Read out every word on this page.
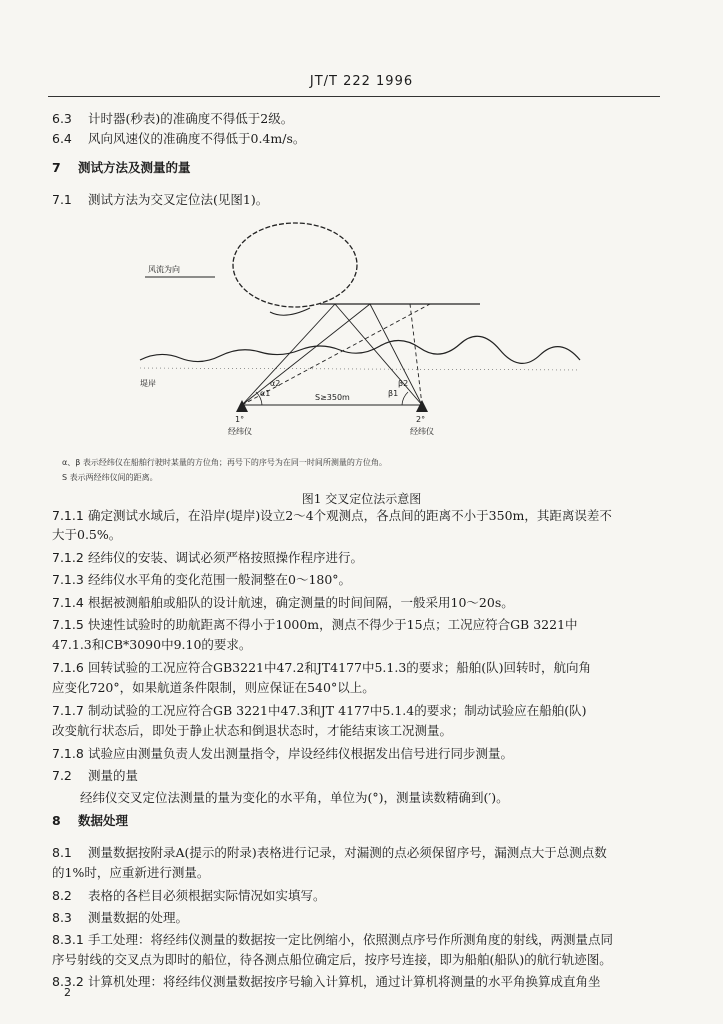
JT/T 222 1996
6.3 计时器(秒表)的准确度不得低于2级。
6.4 风向风速仪的准确度不得低于0.4m/s。
7 测试方法及测量的量
7.1 测试方法为交叉定位法(见图1)。
风流为向
堤岸
S≥350m
α1
α2
β1
β2
1°	2°
经纬仪	经纬仪
α、β 表示经纬仪在船舶行驶时某量的方位角；再号下的序号为在同一时间所测量的方位角。
S 表示两经纬仪间的距离。
图1 交叉定位法示意图
7.1.1 确定测试水域后，在沿岸(堤岸)设立2～4个观测点，各点间的距离不小于350m，其距离误差不
大于0.5%。
7.1.2 经纬仪的安装、调试必须严格按照操作程序进行。
7.1.3 经纬仪水平角的变化范围一般洞整在0～180°。
7.1.4 根据被测船舶或船队的设计航速，确定测量的时间间隔，一般采用10～20s。
7.1.5 快速性试验时的助航距离不得小于1000m，测点不得少于15点；工况应符合GB 3221中
47.1.3和CB*3090中9.10的要求。
7.1.6 回转试验的工况应符合GB3221中47.2和JT4177中5.1.3的要求；船舶(队)回转时，航向角
应变化720°，如果航道条件限制，则应保证在540°以上。
7.1.7 制动试验的工况应符合GB 3221中47.3和JT 4177中5.1.4的要求；制动试验应在船舶(队)
改变航行状态后，即处于静止状态和倒退状态时，才能结束该工况测量。
7.1.8 试验应由测量负责人发出测量指令，岸设经纬仪根据发出信号进行同步测量。
7.2 测量的量
经纬仪交叉定位法测量的量为变化的水平角，单位为(°)，测量读数精确到(′)。
8 数据处理
8.1 测量数据按附录A(提示的附录)表格进行记录，对漏测的点必须保留序号，漏测点大于总测点数
的1%时，应重新进行测量。
8.2 表格的各栏目必须根据实际情况如实填写。
8.3 测量数据的处理。
8.3.1 手工处理：将经纬仪测量的数据按一定比例缩小，依照测点序号作所测角度的射线，两测量点同
序号射线的交叉点为即时的船位，待各测点船位确定后，按序号连接，即为船舶(船队)的航行轨迹图。
8.3.2 计算机处理：将经纬仪测量数据按序号输入计算机，通过计算机将测量的水平角换算成直角坐
2
